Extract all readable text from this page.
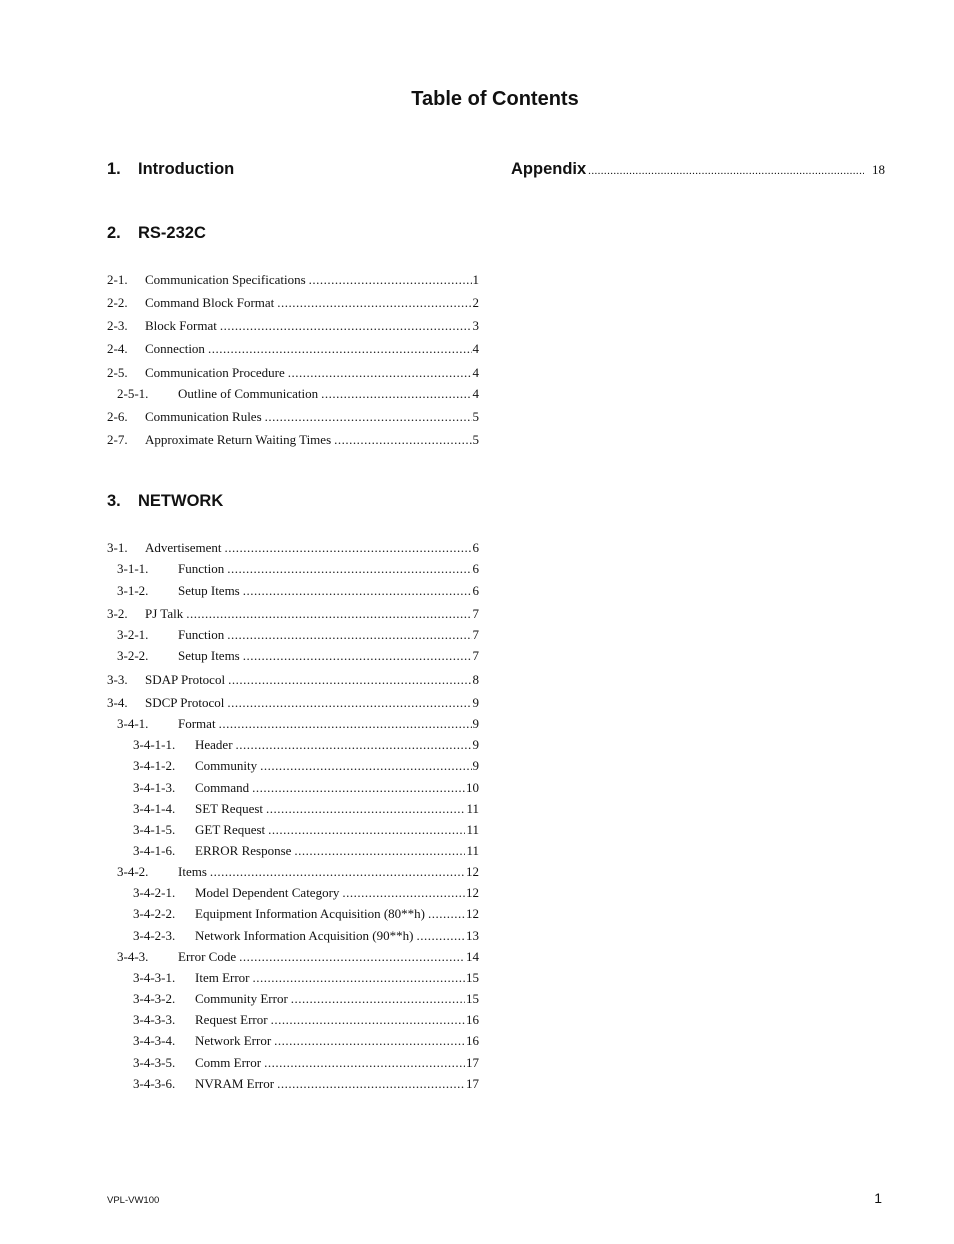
Table of Contents
1. Introduction	Appendix .....	18
2. RS-232C
2-1.	Communication Specifications .....	1
2-2.	Command Block Format .....	2
2-3.	Block Format .....	3
2-4.	Connection .....	4
2-5.	Communication Procedure .....	4
2-5-1.	Outline of Communication .....	4
2-6.	Communication Rules .....	5
2-7.	Approximate Return Waiting Times .....	5
3. NETWORK
3-1.	Advertisement .....	6
3-1-1.	Function .....	6
3-1-2.	Setup Items .....	6
3-2.	PJ Talk .....	7
3-2-1.	Function .....	7
3-2-2.	Setup Items .....	7
3-3.	SDAP Protocol .....	8
3-4.	SDCP Protocol .....	9
3-4-1.	Format .....	9
3-4-1-1.	Header .....	9
3-4-1-2.	Community .....	9
3-4-1-3.	Command .....	10
3-4-1-4.	SET Request .....	11
3-4-1-5.	GET Request .....	11
3-4-1-6.	ERROR Response .....	11
3-4-2.	Items .....	12
3-4-2-1.	Model Dependent Category .....	12
3-4-2-2.	Equipment Information Acquisition (80**h) .....	12
3-4-2-3.	Network Information Acquisition (90**h) .....	13
3-4-3.	Error Code .....	14
3-4-3-1.	Item Error .....	15
3-4-3-2.	Community Error .....	15
3-4-3-3.	Request Error .....	16
3-4-3-4.	Network Error .....	16
3-4-3-5.	Comm Error .....	17
3-4-3-6.	NVRAM Error .....	17
VPL-VW100	1
